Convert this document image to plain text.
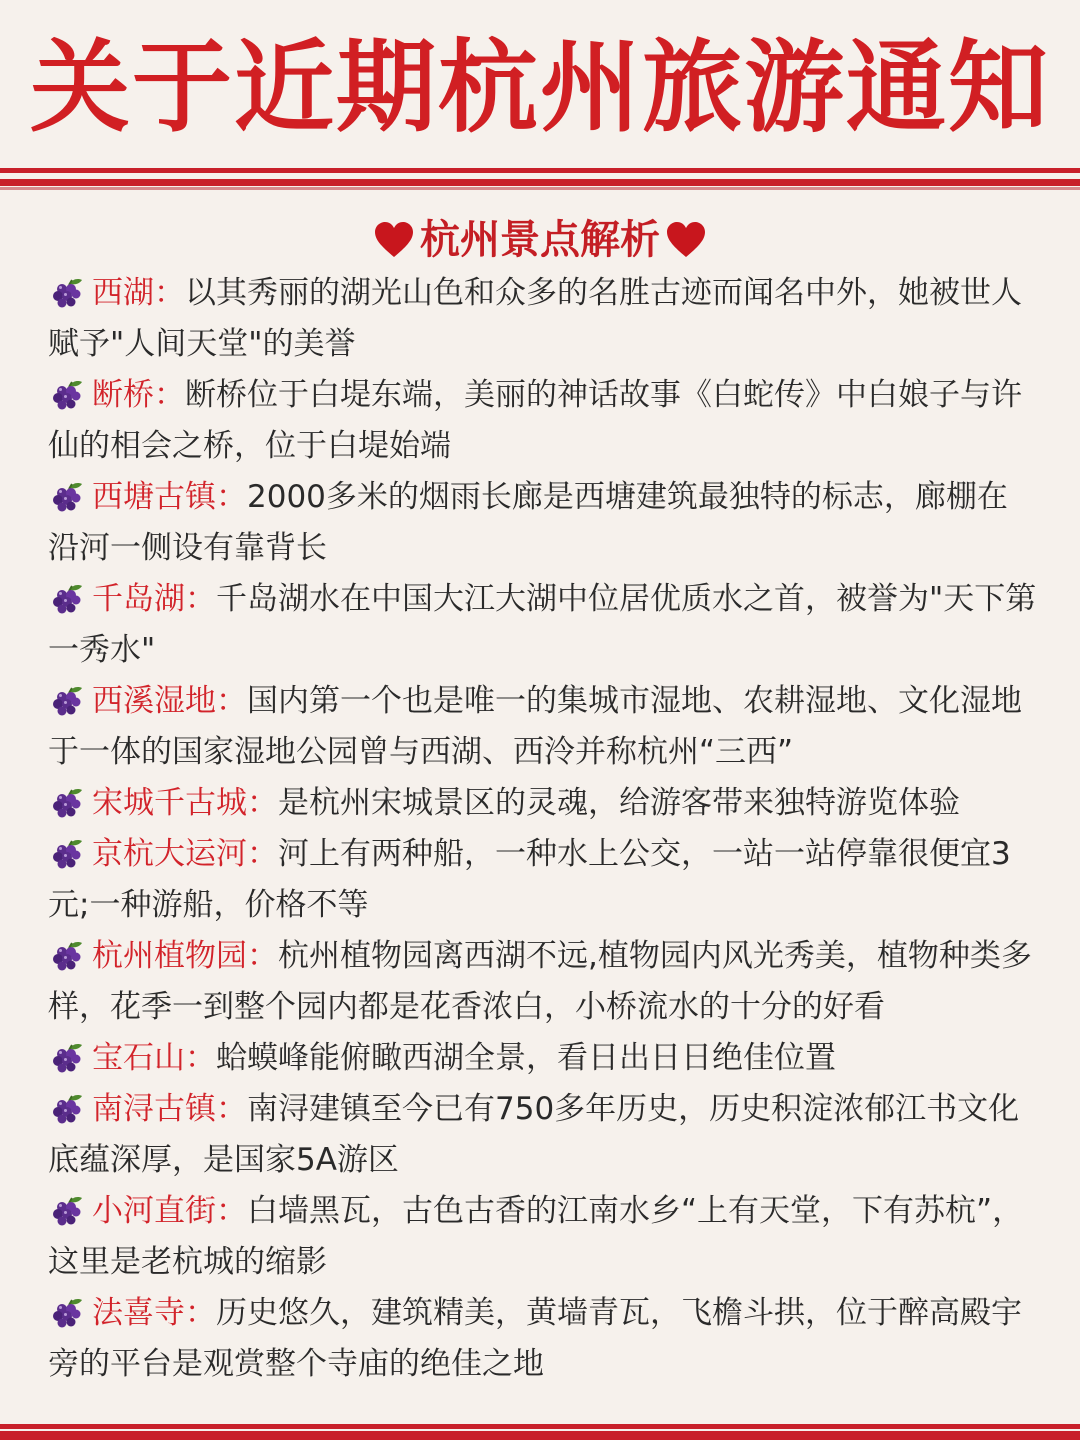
关于近期杭州旅游通知
杭州景点解析
西湖：以其秀丽的湖光山色和众多的名胜古迹而闻名中外，她被世人赋予"人间天堂"的美誉
断桥：断桥位于白堤东端，美丽的神话故事《白蛇传》中白娘子与许仙的相会之桥，位于白堤始端
西塘古镇：2000多米的烟雨长廊是西塘建筑最独特的标志，廊棚在沿河一侧设有靠背长
千岛湖：千岛湖水在中国大江大湖中位居优质水之首，被誉为"天下第一秀水"
西溪湿地：国内第一个也是唯一的集城市湿地、农耕湿地、文化湿地于一体的国家湿地公园曾与西湖、西泠并称杭州“三西”
宋城千古城：是杭州宋城景区的灵魂，给游客带来独特游览体验
京杭大运河：河上有两种船，一种水上公交，一站一站停靠很便宜3元;一种游船，价格不等
杭州植物园：杭州植物园离西湖不远,植物园内风光秀美，植物种类多样，花季一到整个园内都是花香浓白，小桥流水的十分的好看
宝石山：蛤蟆峰能俯瞰西湖全景，看日出日日绝佳位置
南浔古镇：南浔建镇至今已有750多年历史，历史积淀浓郁江书文化底蕴深厚，是国家5A游区
小河直街：白墙黑瓦，古色古香的江南水乡“上有天堂，下有苏杭”，这里是老杭城的缩影
法喜寺：历史悠久，建筑精美，黄墙青瓦，飞檐斗拱，位于醉高殿宇旁的平台是观赏整个寺庙的绝佳之地
